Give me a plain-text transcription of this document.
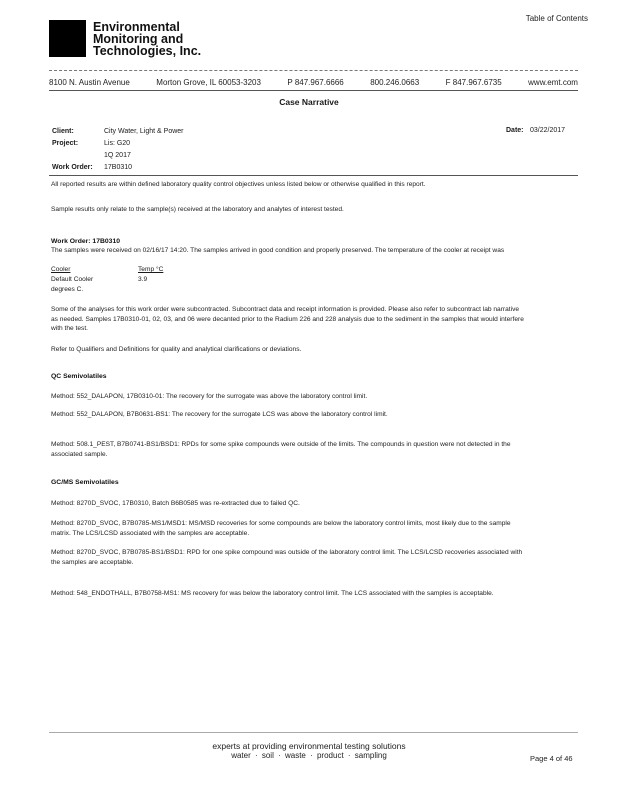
Table of Contents
Environmental
Monitoring and
Technologies, Inc.
8100 N. Austin Avenue	Morton Grove, IL 60053-3203	P 847.967.6666	800.246.0663	F 847.967.6735	www.emt.com
Case Narrative
Client:	City Water, Light & Power
Project:	Lis: G20
1Q 2017
Work Order: 17B0310
Date: 03/22/2017
All reported results are within defined laboratory quality control objectives unless listed below or otherwise qualified in this report.
Sample results only relate to the sample(s) received at the laboratory and analytes of interest tested.
Work Order: 17B0310
The samples were received on 02/16/17 14:20. The samples arrived in good condition and properly preserved. The temperature of the cooler at receipt was
Cooler	Temp °C
Default Cooler	3.9
degrees C.
Some of the analyses for this work order were subcontracted. Subcontract data and receipt information is provided. Please also refer to subcontract lab narrative as needed. Samples 17B0310-01, 02, 03, and 06 were decanted prior to the Radium 226 and 228 analysis due to the sediment in the samples that would interfere with the test.
Refer to Qualifiers and Definitions for quality and analytical clarifications or deviations.
QC Semivolatiles
Method: 552_DALAPON, 17B0310-01: The recovery for the surrogate was above the laboratory control limit.
Method: 552_DALAPON, B7B0631-BS1: The recovery for the surrogate LCS was above the laboratory control limit.
Method: 508.1_PEST, B7B0741-BS1/BSD1: RPDs for some spike compounds were outside of the limits. The compounds in question were not detected in the associated sample.
GC/MS Semivolatiles
Method: 8270D_SVOC, 17B0310, Batch B6B0585 was re-extracted due to failed QC.
Method: 8270D_SVOC, B7B0785-MS1/MSD1: MS/MSD recoveries for some compounds are below the laboratory control limits, most likely due to the sample matrix. The LCS/LCSD associated with the samples are acceptable.
Method: 8270D_SVOC, B7B0785-BS1/BSD1: RPD for one spike compound was outside of the laboratory control limit. The LCS/LCSD recoveries associated with the samples are acceptable.
Method: 548_ENDOTHALL, B7B0758-MS1: MS recovery for was below the laboratory control limit. The LCS associated with the samples is acceptable.
experts at providing environmental testing solutions
water · soil · waste · product · sampling	Page 4 of 46
